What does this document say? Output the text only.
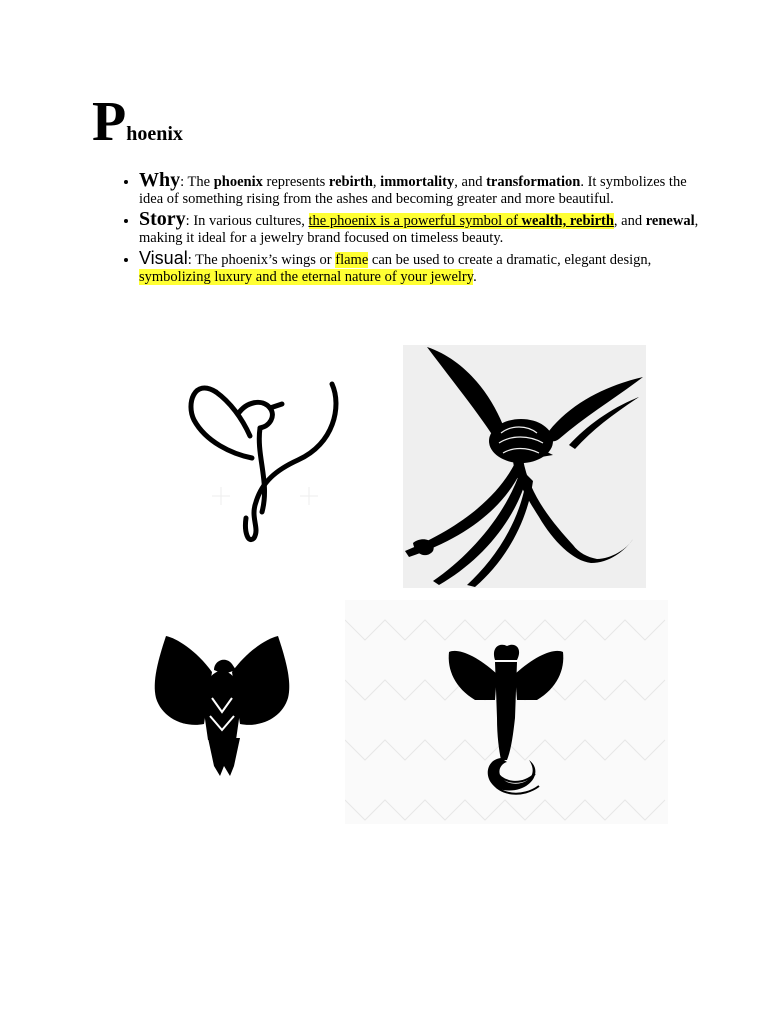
P hoenix
• Why: The phoenix represents rebirth, immortality, and transformation. It symbolizes the idea of something rising from the ashes and becoming greater and more beautiful.
• Story: In various cultures, the phoenix is a powerful symbol of wealth, rebirth, and renewal, making it ideal for a jewelry brand focused on timeless beauty.
• Visual: The phoenix’s wings or flame can be used to create a dramatic, elegant design, symbolizing luxury and the eternal nature of your jewelry.
